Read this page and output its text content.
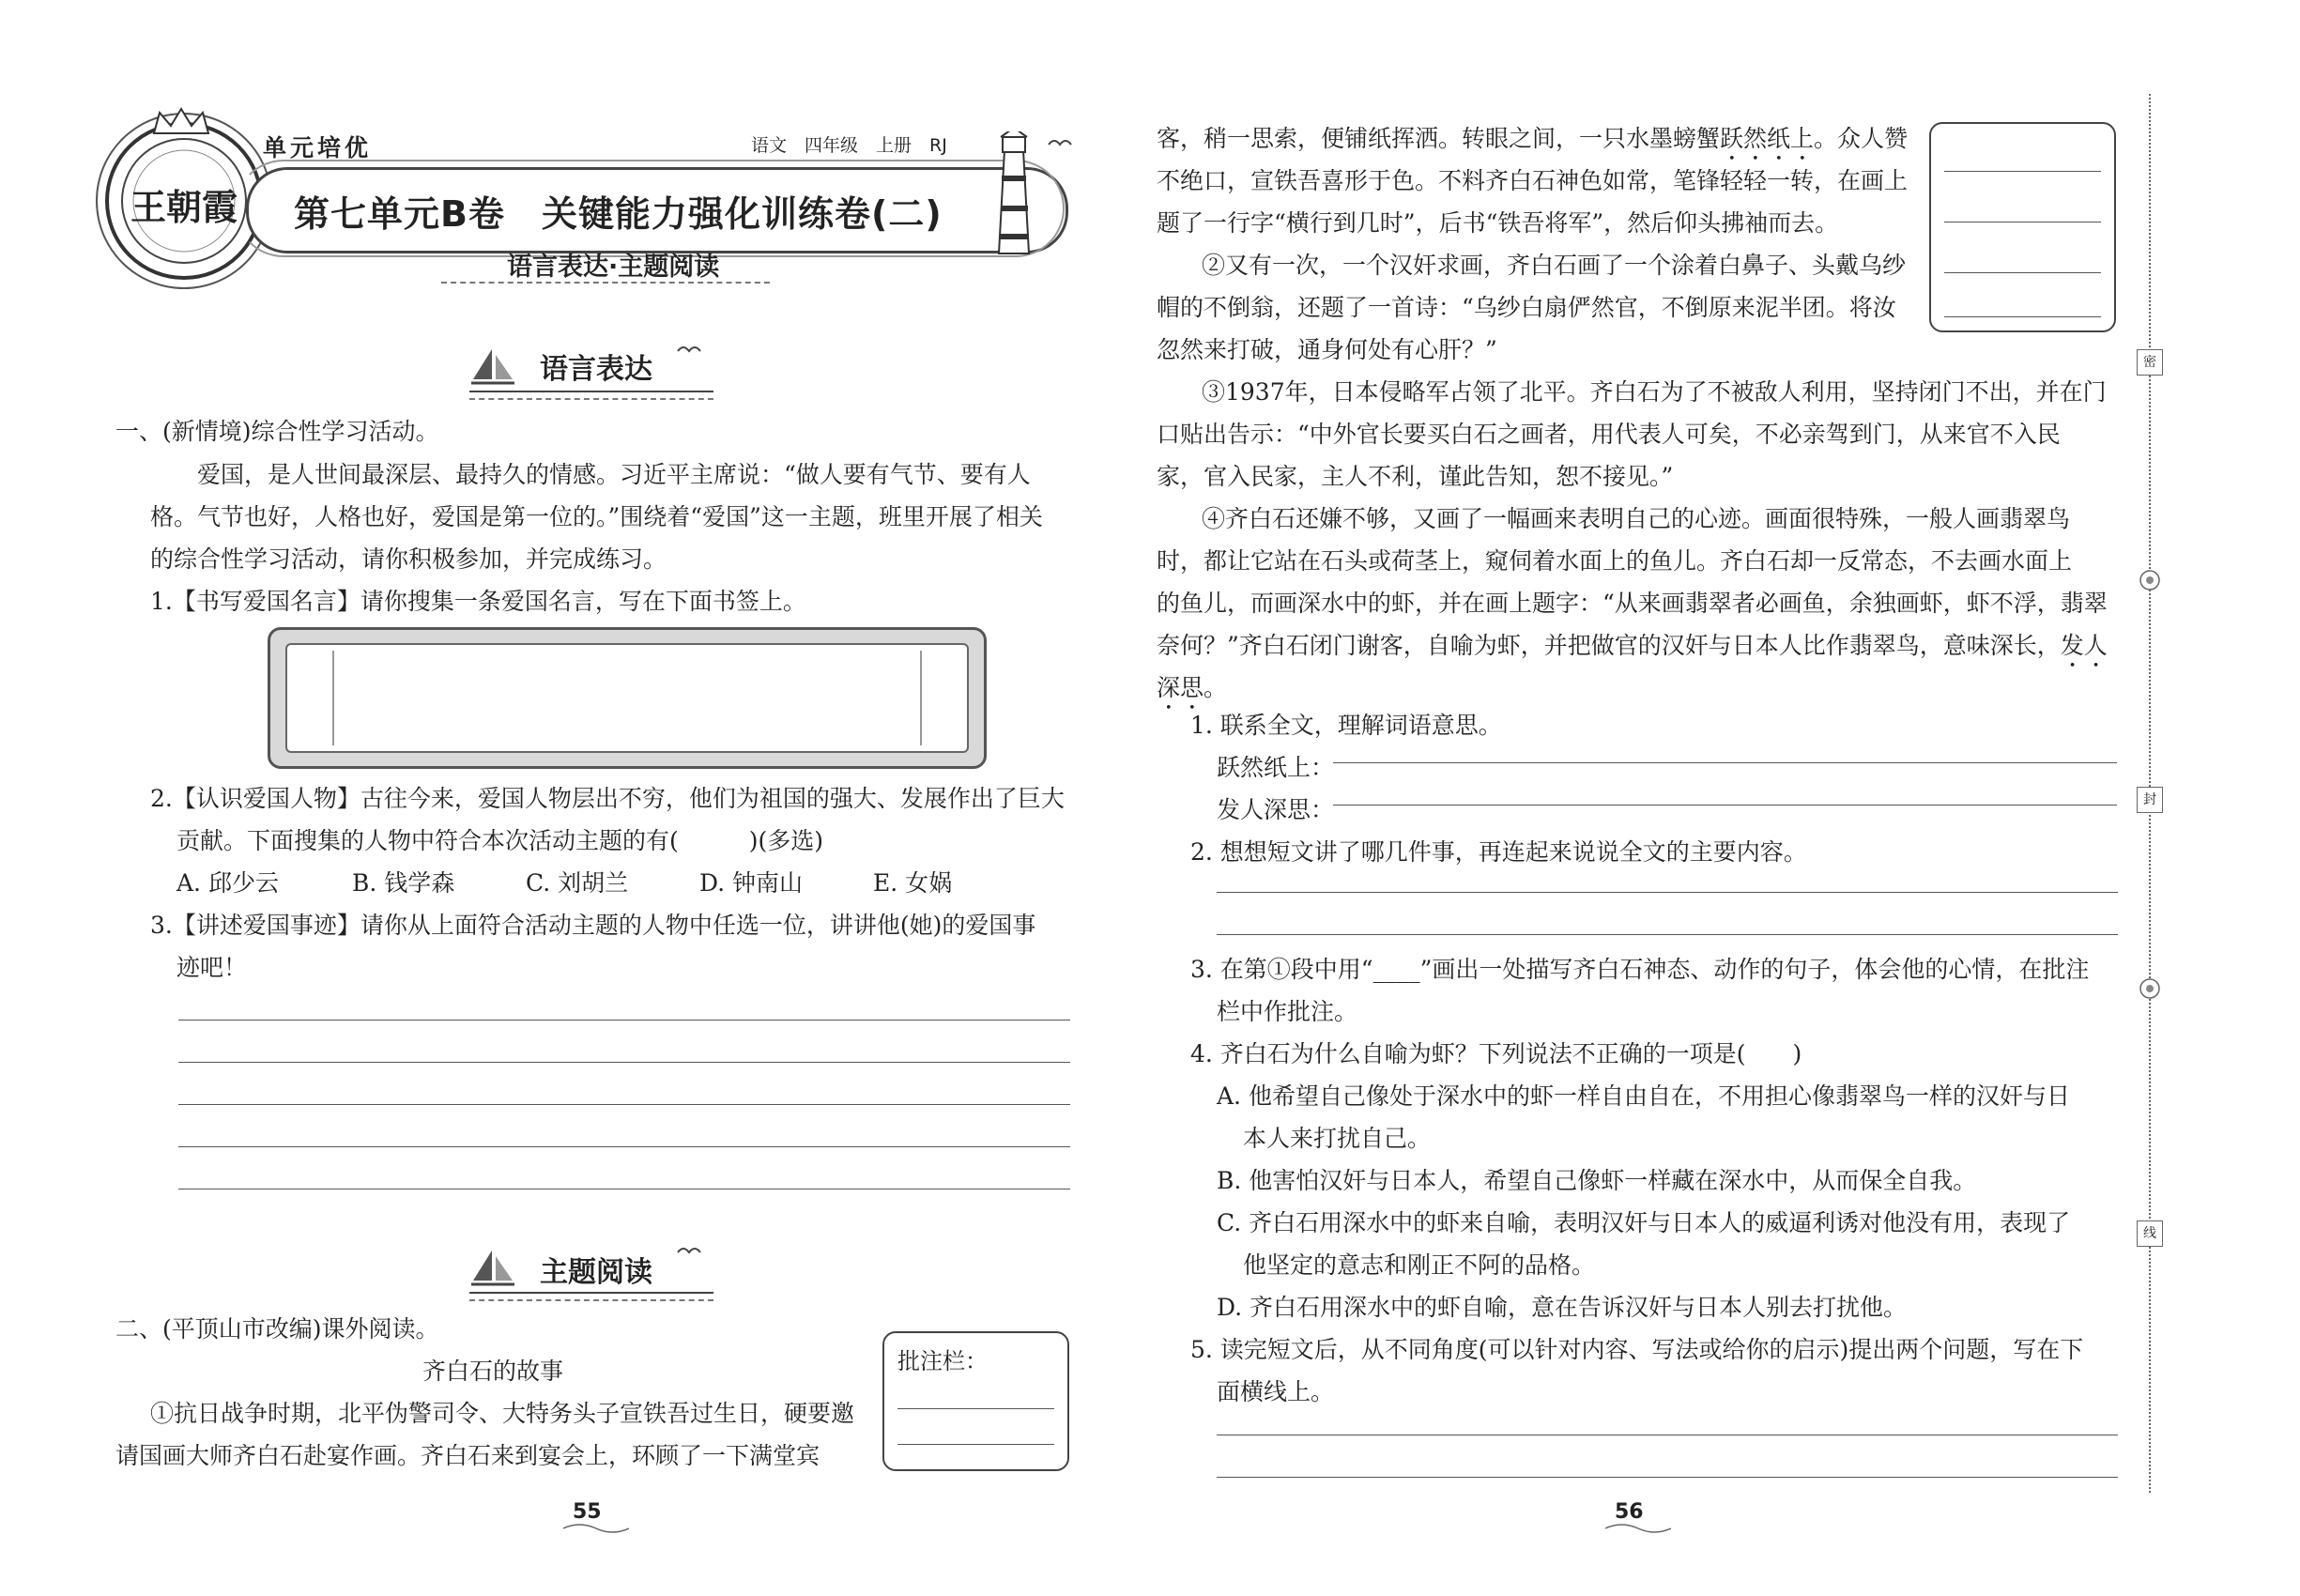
王朝霞
单元培优	语文　四年级　上册　RJ
第七单元B卷　关键能力强化训练卷(二)
语言表达·主题阅读
语言表达
一、(新情境)综合性学习活动。
爱国，是人世间最深层、最持久的情感。习近平主席说：“做人要有气节、要有人
格。气节也好，人格也好，爱国是第一位的。”围绕着“爱国”这一主题，班里开展了相关
的综合性学习活动，请你积极参加，并完成练习。
1.【书写爱国名言】请你搜集一条爱国名言，写在下面书签上。
2.【认识爱国人物】古往今来，爱国人物层出不穷，他们为祖国的强大、发展作出了巨大
贡献。下面搜集的人物中符合本次活动主题的有(　　　)(多选)
A. 邱少云	B. 钱学森	C. 刘胡兰	D. 钟南山	E. 女娲
3.【讲述爱国事迹】请你从上面符合活动主题的人物中任选一位，讲讲他(她)的爱国事
迹吧！
主题阅读
二、(平顶山市改编)课外阅读。
齐白石的故事
①抗日战争时期，北平伪警司令、大特务头子宣铁吾过生日，硬要邀
请国画大师齐白石赴宴作画。齐白石来到宴会上，环顾了一下满堂宾
批注栏：
55
客，稍一思索，便铺纸挥洒。转眼之间，一只水墨螃蟹跃然纸上。众人赞
不绝口，宣铁吾喜形于色。不料齐白石神色如常，笔锋轻轻一转，在画上
题了一行字“横行到几时”，后书“铁吾将军”，然后仰头拂袖而去。
②又有一次，一个汉奸求画，齐白石画了一个涂着白鼻子、头戴乌纱
帽的不倒翁，还题了一首诗：“乌纱白扇俨然官，不倒原来泥半团。将汝
忽然来打破，通身何处有心肝？”
③1937年，日本侵略军占领了北平。齐白石为了不被敌人利用，坚持闭门不出，并在门
口贴出告示：“中外官长要买白石之画者，用代表人可矣，不必亲驾到门，从来官不入民
家，官入民家，主人不利，谨此告知，恕不接见。”
④齐白石还嫌不够，又画了一幅画来表明自己的心迹。画面很特殊，一般人画翡翠鸟
时，都让它站在石头或荷茎上，窥伺着水面上的鱼儿。齐白石却一反常态，不去画水面上
的鱼儿，而画深水中的虾，并在画上题字：“从来画翡翠者必画鱼，余独画虾，虾不浮，翡翠
奈何？”齐白石闭门谢客，自喻为虾，并把做官的汉奸与日本人比作翡翠鸟，意味深长，发人
深思。
1. 联系全文，理解词语意思。
跃然纸上：
发人深思：
2. 想想短文讲了哪几件事，再连起来说说全文的主要内容。
3. 在第①段中用“____”画出一处描写齐白石神态、动作的句子，体会他的心情，在批注
栏中作批注。
4. 齐白石为什么自喻为虾？下列说法不正确的一项是(　　)
A. 他希望自己像处于深水中的虾一样自由自在，不用担心像翡翠鸟一样的汉奸与日
本人来打扰自己。
B. 他害怕汉奸与日本人，希望自己像虾一样藏在深水中，从而保全自我。
C. 齐白石用深水中的虾来自喻，表明汉奸与日本人的威逼利诱对他没有用，表现了
他坚定的意志和刚正不阿的品格。
D. 齐白石用深水中的虾自喻，意在告诉汉奸与日本人别去打扰他。
5. 读完短文后，从不同角度(可以针对内容、写法或给你的启示)提出两个问题，写在下
面横线上。
56
密
封
线
